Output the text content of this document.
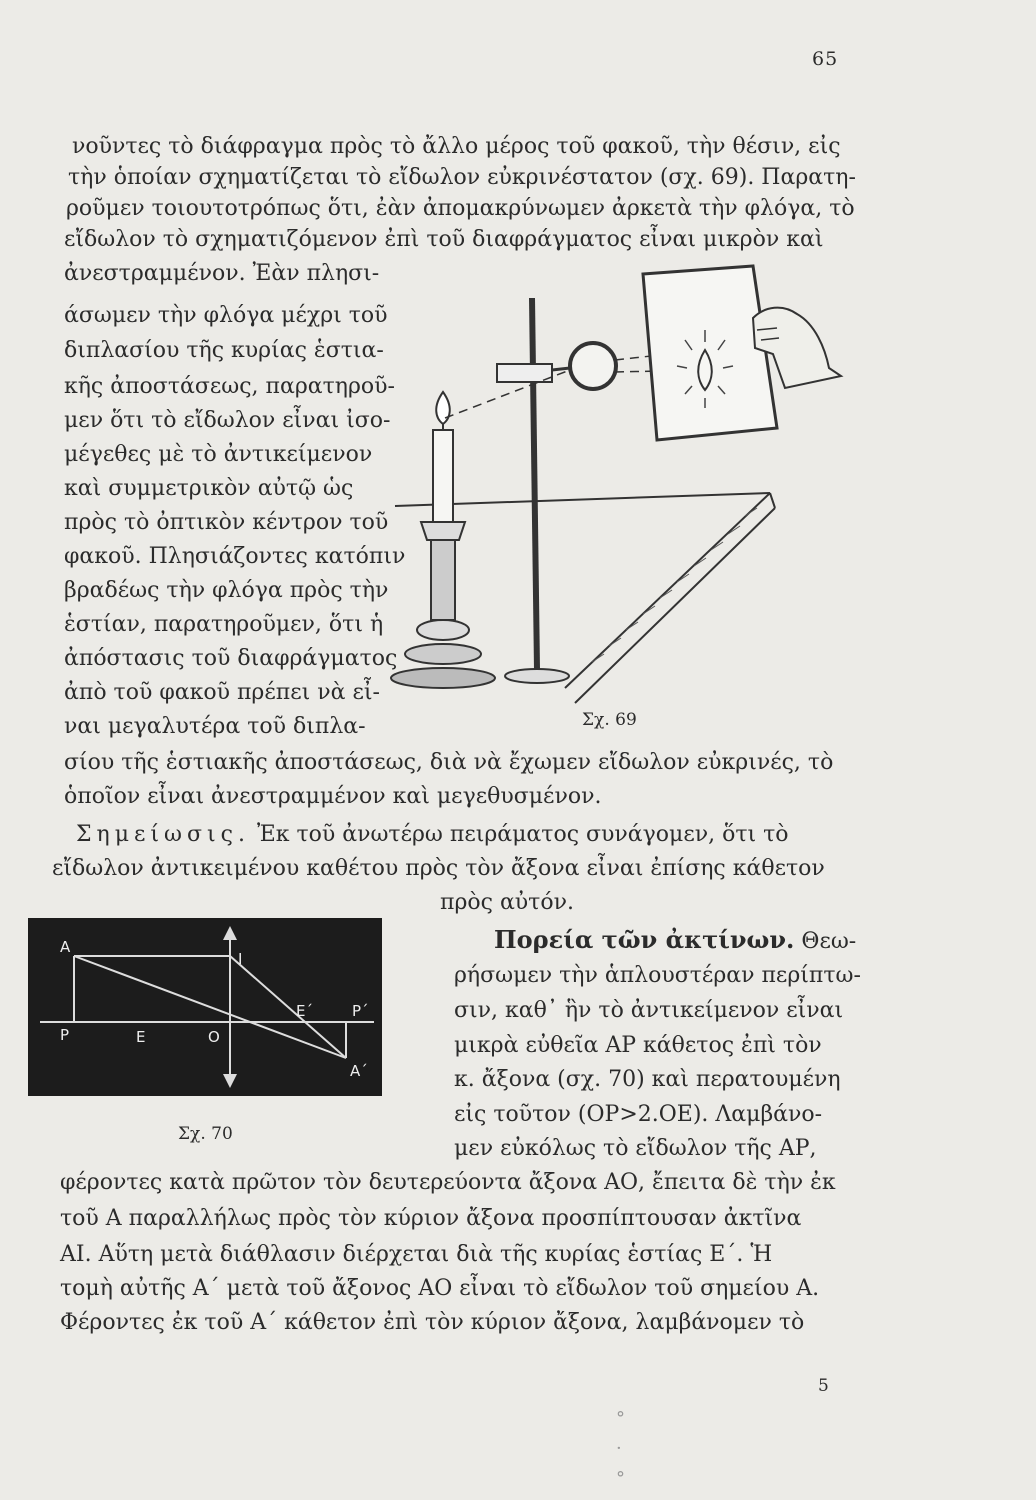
65
νοῦντες τὸ διάφραγμα πρὸς τὸ ἄλλο μέρος τοῦ φακοῦ, τὴν θέσιν, εἰς
τὴν ὁποίαν σχηματίζεται τὸ εἴδωλον εὐκρινέστατον (σχ. 69). Παρατη-
ροῦμεν τοιουτοτρόπως ὅτι, ἐὰν ἀπομακρύνωμεν ἀρκετὰ τὴν φλόγα, τὸ
εἴδωλον τὸ σχηματιζόμενον ἐπὶ τοῦ διαφράγματος εἶναι μικρὸν καὶ
ἀνεστραμμένον. Ἐὰν πλησι-
άσωμεν τὴν φλόγα μέχρι τοῦ
διπλασίου τῆς κυρίας ἑστια-
κῆς ἀποστάσεως, παρατηροῦ-
μεν ὅτι τὸ εἴδωλον εἶναι ἰσο-
μέγεθες μὲ τὸ ἀντικείμενον
καὶ συμμετρικὸν αὐτῷ ὡς
πρὸς τὸ ὀπτικὸν κέντρον τοῦ
φακοῦ. Πλησιάζοντες κατόπιν
βραδέως τὴν φλόγα πρὸς τὴν
ἑστίαν, παρατηροῦμεν, ὅτι ἡ
ἀπόστασις τοῦ διαφράγματος
ἀπὸ τοῦ φακοῦ πρέπει νὰ εἶ-
ναι μεγαλυτέρα τοῦ διπλα-
σίου τῆς ἑστιακῆς ἀποστάσεως, διὰ νὰ ἔχωμεν εἴδωλον εὐκρινές, τὸ
ὁποῖον εἶναι ἀνεστραμμένον καὶ μεγεθυσμένον.
Σχ. 69
Σημείωσις. Ἐκ τοῦ ἀνωτέρω πειράματος συνάγομεν, ὅτι τὸ
εἴδωλον ἀντικειμένου καθέτου πρὸς τὸν ἄξονα εἶναι ἐπίσης κάθετον
πρὸς αὐτόν.
A
P	E	O
I
E΄	P΄
A΄
Σχ. 70
Πορεία τῶν ἀκτίνων. Θεω-
ρήσωμεν τὴν ἁπλουστέραν περίπτω-
σιν, καθ᾽ ἣν τὸ ἀντικείμενον εἶναι
μικρὰ εὐθεῖα ΑΡ κάθετος ἐπὶ τὸν
κ. ἄξονα (σχ. 70) καὶ περατουμένη
εἰς τοῦτον (ΟΡ>2.ΟΕ). Λαμβάνο-
μεν εὐκόλως τὸ εἴδωλον τῆς ΑΡ,
φέροντες κατὰ πρῶτον τὸν δευτερεύοντα ἄξονα ΑΟ, ἔπειτα δὲ τὴν ἐκ
τοῦ Α παραλλήλως πρὸς τὸν κύριον ἄξονα προσπίπτουσαν ἀκτῖνα
ΑΙ. Αὕτη μετὰ διάθλασιν διέρχεται διὰ τῆς κυρίας ἑστίας Ε΄. Ἡ
τομὴ αὐτῆς Α΄ μετὰ τοῦ ἄξονος ΑΟ εἶναι τὸ εἴδωλον τοῦ σημείου Α.
Φέροντες ἐκ τοῦ Α΄ κάθετον ἐπὶ τὸν κύριον ἄξονα, λαμβάνομεν τὸ
5
°
·
°
